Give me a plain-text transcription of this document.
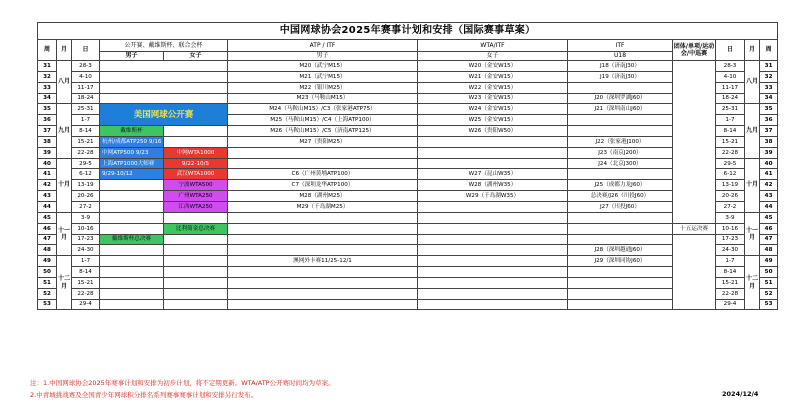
中国网球协会2025年赛事计划和安排（国际赛事草案）											
周	月	日	公开赛、戴维斯杯、联合会杯		ATP / ITF	WTA/ITF	ITF	团体/单项/运动会/中巡赛	日	月	周
			男子	女子	男子	女子	U18				
31	八月	28-3			M20（武宁M15）	W20（金安W15）	J18（济南J30）		28-3	八月	31
32		4-10			M21（武宁M15）	W21（金安W15）	J19（济南J30）		4-10		32
33		11-17			M22（银川M25）	W22（金安W15）			11-17		33
34		18-24			M23（马鞍山M15）	W23（金安W15）	J20（深圳罗湖J60）		18-24		34
35	九月	25-31	美国网球公开赛		M24（马鞍山M15）/C3（张家港ATP75）	W24（金安W15）	J21（深圳南山J60）		25-31	九月	35
36		1-7			M25（马鞍山M15）/C4（上海ATP100）	W25（金安W15）			1-7		36
37		8-14	戴维斯杯		M26（马鞍山M15）/C5（济南ATP125）	W26（贵阳W50）			8-14		37
38		15-21	杭州/成都ATP250 9/16		M27（贵阳M25）		J22（张家港J100）		15-21		38
39		22-28	中网ATP500 9/23	中网WTA1000			J23（南京J200）		22-28		39
40	十月	29-5	上海ATP1000大师赛	9/22-10/5			J24（北京J300）		29-5	十月	40
41		6-12	9/29-10/12	武汉WTA1000	C6（广州黄埔ATP100）	W27（昆山W35）			6-12		41
42		13-19		宁波WTA500	C7（深圳龙华ATP100）	W28（湖州W35）	J25（成都力龙J60）		13-19		42
43		20-26		广州WTA250	M28（湖州M25）	W29（千岛湖W35）	总决赛/J26（川投J60）		20-26		43
44		27-2		江西WTA250	M29（千岛湖M25）		J27（川投J60）		27-2		44
45	十一月	3-9							3-9	十一月	45
46		10-16		比利简金总决赛				十五运决赛	10-16		46
47		17-23	戴维斯杯总决赛						17-23		47
48		24-30					J28（深圳越通J60）		24-30		48
49	十二月	1-7			澳网外卡赛11/25-12/1		J29（深圳同协J60）		1-7	十二月	49
50		8-14							8-14		50
51		15-21							15-21		51
52		22-28							22-28		52
53		29-4							29-4		53
注：1.中国网球协会2025年赛事计划和安排为初步计划，将不定期更新。WTA/ATP公开赛时间均为草案。
2.中青城挑战赛及全国青少年网球积分排名系列赛事赛事计划和安排另行发布。	2024/12/4
